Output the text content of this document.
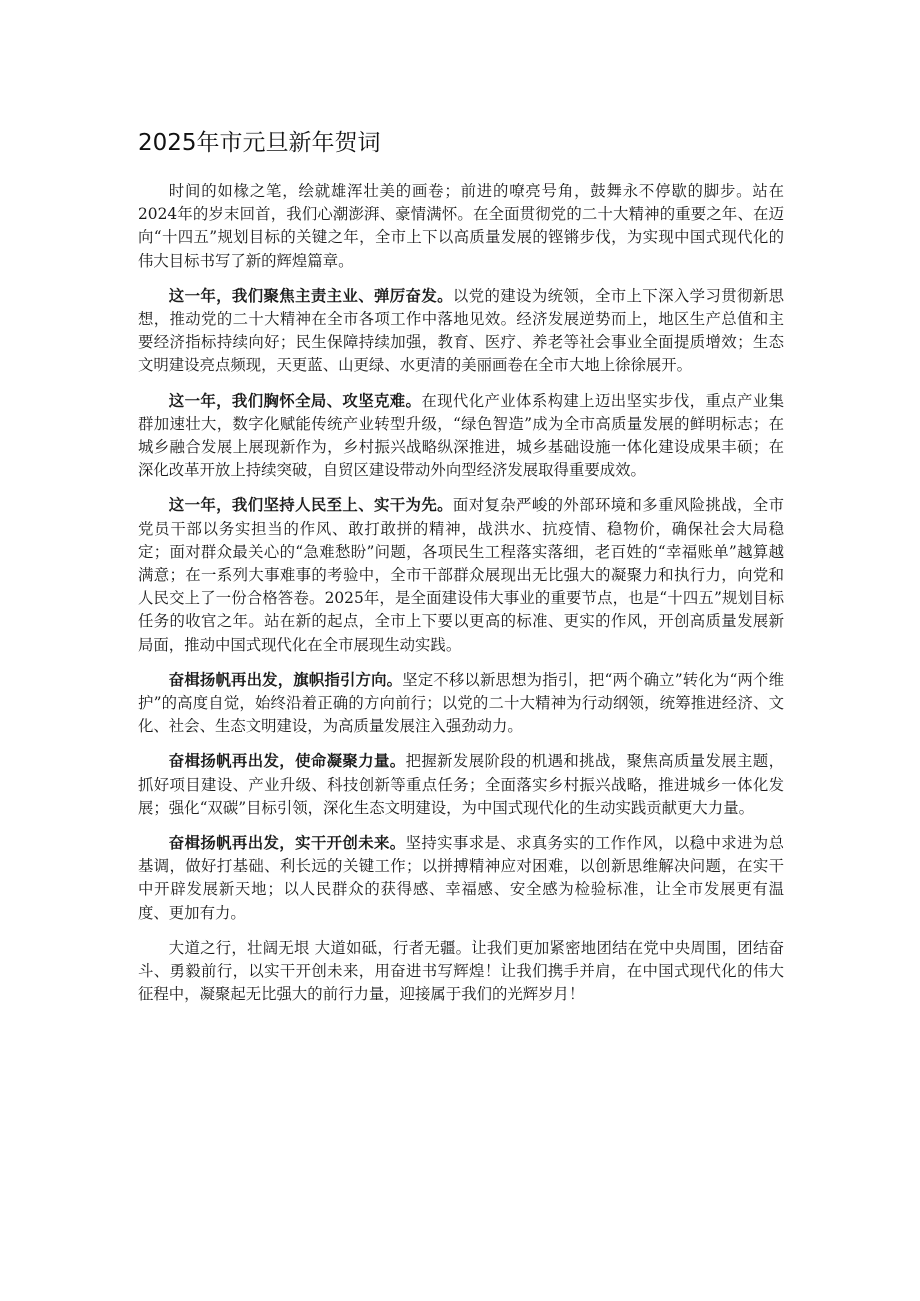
2025年市元旦新年贺词

时间的如椽之笔，绘就雄浑壮美的画卷；前进的嘹亮号角，鼓舞永不停歇的脚步。站在2024年的岁末回首，我们心潮澎湃、豪情满怀。在全面贯彻党的二十大精神的重要之年、在迈向“十四五”规划目标的关键之年，全市上下以高质量发展的铿锵步伐，为实现中国式现代化的伟大目标书写了新的辉煌篇章。

这一年，我们聚焦主责主业、弹厉奋发。以党的建设为统领，全市上下深入学习贯彻新思想，推动党的二十大精神在全市各项工作中落地见效。经济发展逆势而上，地区生产总值和主要经济指标持续向好；民生保障持续加强，教育、医疗、养老等社会事业全面提质增效；生态文明建设亮点频现，天更蓝、山更绿、水更清的美丽画卷在全市大地上徐徐展开。

这一年，我们胸怀全局、攻坚克难。在现代化产业体系构建上迈出坚实步伐，重点产业集群加速壮大，数字化赋能传统产业转型升级，“绿色智造”成为全市高质量发展的鲜明标志；在城乡融合发展上展现新作为，乡村振兴战略纵深推进，城乡基础设施一体化建设成果丰硕；在深化改革开放上持续突破，自贸区建设带动外向型经济发展取得重要成效。

这一年，我们坚持人民至上、实干为先。面对复杂严峻的外部环境和多重风险挑战，全市党员干部以务实担当的作风、敢打敢拼的精神，战洪水、抗疫情、稳物价，确保社会大局稳定；面对群众最关心的“急难愁盼”问题，各项民生工程落实落细，老百姓的“幸福账单”越算越满意；在一系列大事难事的考验中，全市干部群众展现出无比强大的凝聚力和执行力，向党和人民交上了一份合格答卷。2025年，是全面建设伟大事业的重要节点，也是“十四五”规划目标任务的收官之年。站在新的起点，全市上下要以更高的标准、更实的作风，开创高质量发展新局面，推动中国式现代化在全市展现生动实践。

奋楫扬帆再出发，旗帜指引方向。坚定不移以新思想为指引，把“两个确立”转化为“两个维护”的高度自觉，始终沿着正确的方向前行；以党的二十大精神为行动纲领，统筹推进经济、文化、社会、生态文明建设，为高质量发展注入强劲动力。

奋楫扬帆再出发，使命凝聚力量。把握新发展阶段的机遇和挑战，聚焦高质量发展主题，抓好项目建设、产业升级、科技创新等重点任务；全面落实乡村振兴战略，推进城乡一体化发展；强化“双碳”目标引领，深化生态文明建设，为中国式现代化的生动实践贡献更大力量。

奋楫扬帆再出发，实干开创未来。坚持实事求是、求真务实的工作作风，以稳中求进为总基调，做好打基础、利长远的关键工作；以拼搏精神应对困难，以创新思维解决问题，在实干中开辟发展新天地；以人民群众的获得感、幸福感、安全感为检验标准，让全市发展更有温度、更加有力。

大道之行，壮阔无垠 大道如砥，行者无疆。让我们更加紧密地团结在党中央周围，团结奋斗、勇毅前行，以实干开创未来，用奋进书写辉煌！让我们携手并肩，在中国式现代化的伟大征程中，凝聚起无比强大的前行力量，迎接属于我们的光辉岁月！
